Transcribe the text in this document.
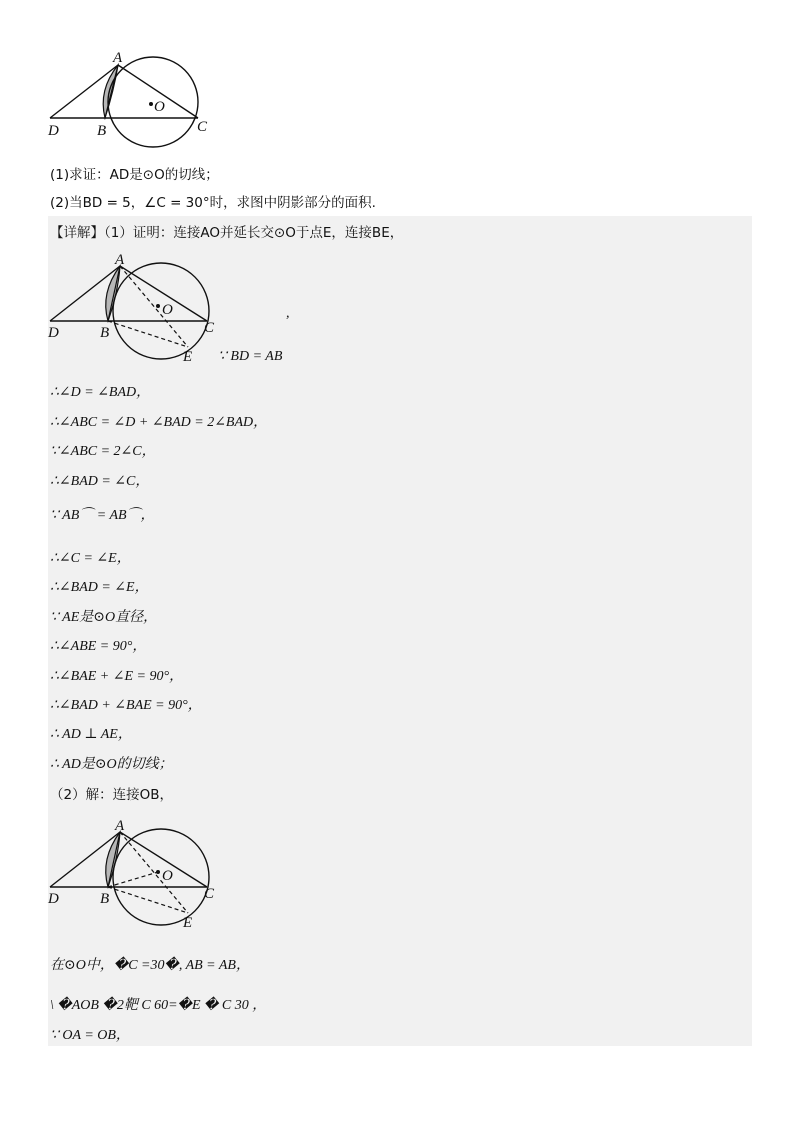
A
O
D	B	C
(1)求证：AD是⊙O的切线；
(2)当BD = 5，∠C = 30°时，求图中阴影部分的面积.
【详解】（1）证明：连接AO并延长交⊙O于点E，连接BE，
A
O
D	B	C
E
,
∵ BD = AB
∴∠D = ∠BAD，
∴∠ABC = ∠D + ∠BAD = 2∠BAD，
∵∠ABC = 2∠C，
∴∠BAD = ∠C，
∵ AB⌒ = AB⌒，
∴∠C = ∠E，
∴∠BAD = ∠E，
∵ AE是⊙O直径，
∴∠ABE = 90°，
∴∠BAE + ∠E = 90°，
∴∠BAD + ∠BAE = 90°，
∴ AD ⊥ AE，
∴ AD是⊙O的切线；
（2）解：连接OB，
A
O
D	B	C
E
在⊙O中，�C =30�, AB = AB，
\ �AOB �2靶 C 60=�E � C 30 ，
∵ OA = OB，
